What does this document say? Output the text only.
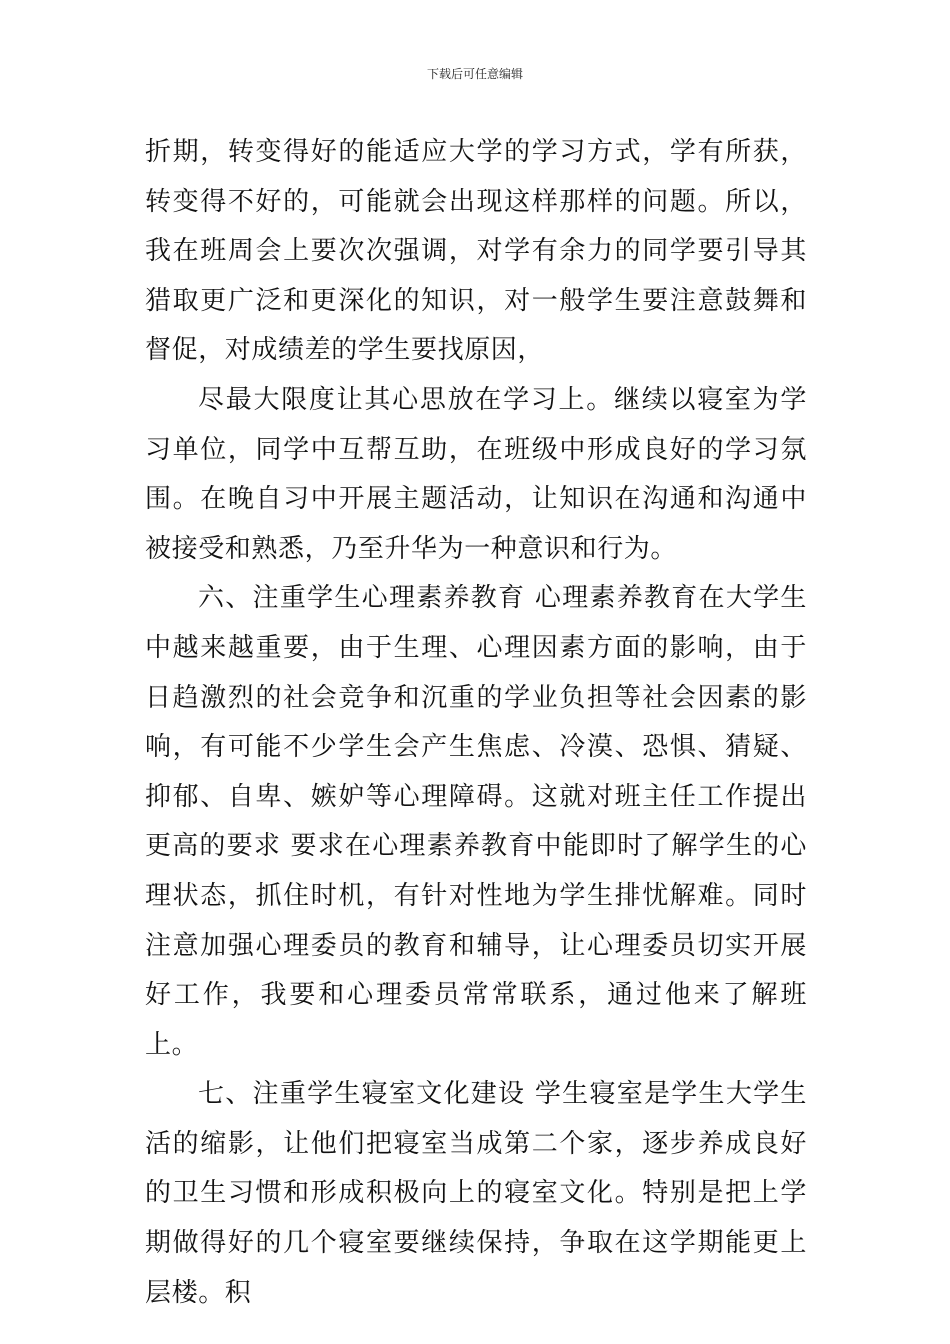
下载后可任意编辑

折期，转变得好的能适应大学的学习方式，学有所获，转变得不好的，可能就会出现这样那样的问题。所以，我在班周会上要次次强调，对学有余力的同学要引导其猎取更广泛和更深化的知识，对一般学生要注意鼓舞和督促，对成绩差的学生要找原因，

尽最大限度让其心思放在学习上。继续以寝室为学习单位，同学中互帮互助，在班级中形成良好的学习氛围。在晚自习中开展主题活动，让知识在沟通和沟通中被接受和熟悉，乃至升华为一种意识和行为。

六、注重学生心理素养教育 心理素养教育在大学生中越来越重要，由于生理、心理因素方面的影响，由于日趋激烈的社会竞争和沉重的学业负担等社会因素的影响，有可能不少学生会产生焦虑、冷漠、恐惧、猜疑、抑郁、自卑、嫉妒等心理障碍。这就对班主任工作提出更高的要求 要求在心理素养教育中能即时了解学生的心理状态，抓住时机，有针对性地为学生排忧解难。同时注意加强心理委员的教育和辅导，让心理委员切实开展好工作，我要和心理委员常常联系，通过他来了解班上。

七、注重学生寝室文化建设 学生寝室是学生大学生活的缩影，让他们把寝室当成第二个家，逐步养成良好的卫生习惯和形成积极向上的寝室文化。特别是把上学期做得好的几个寝室要继续保持，争取在这学期能更上层楼。积
